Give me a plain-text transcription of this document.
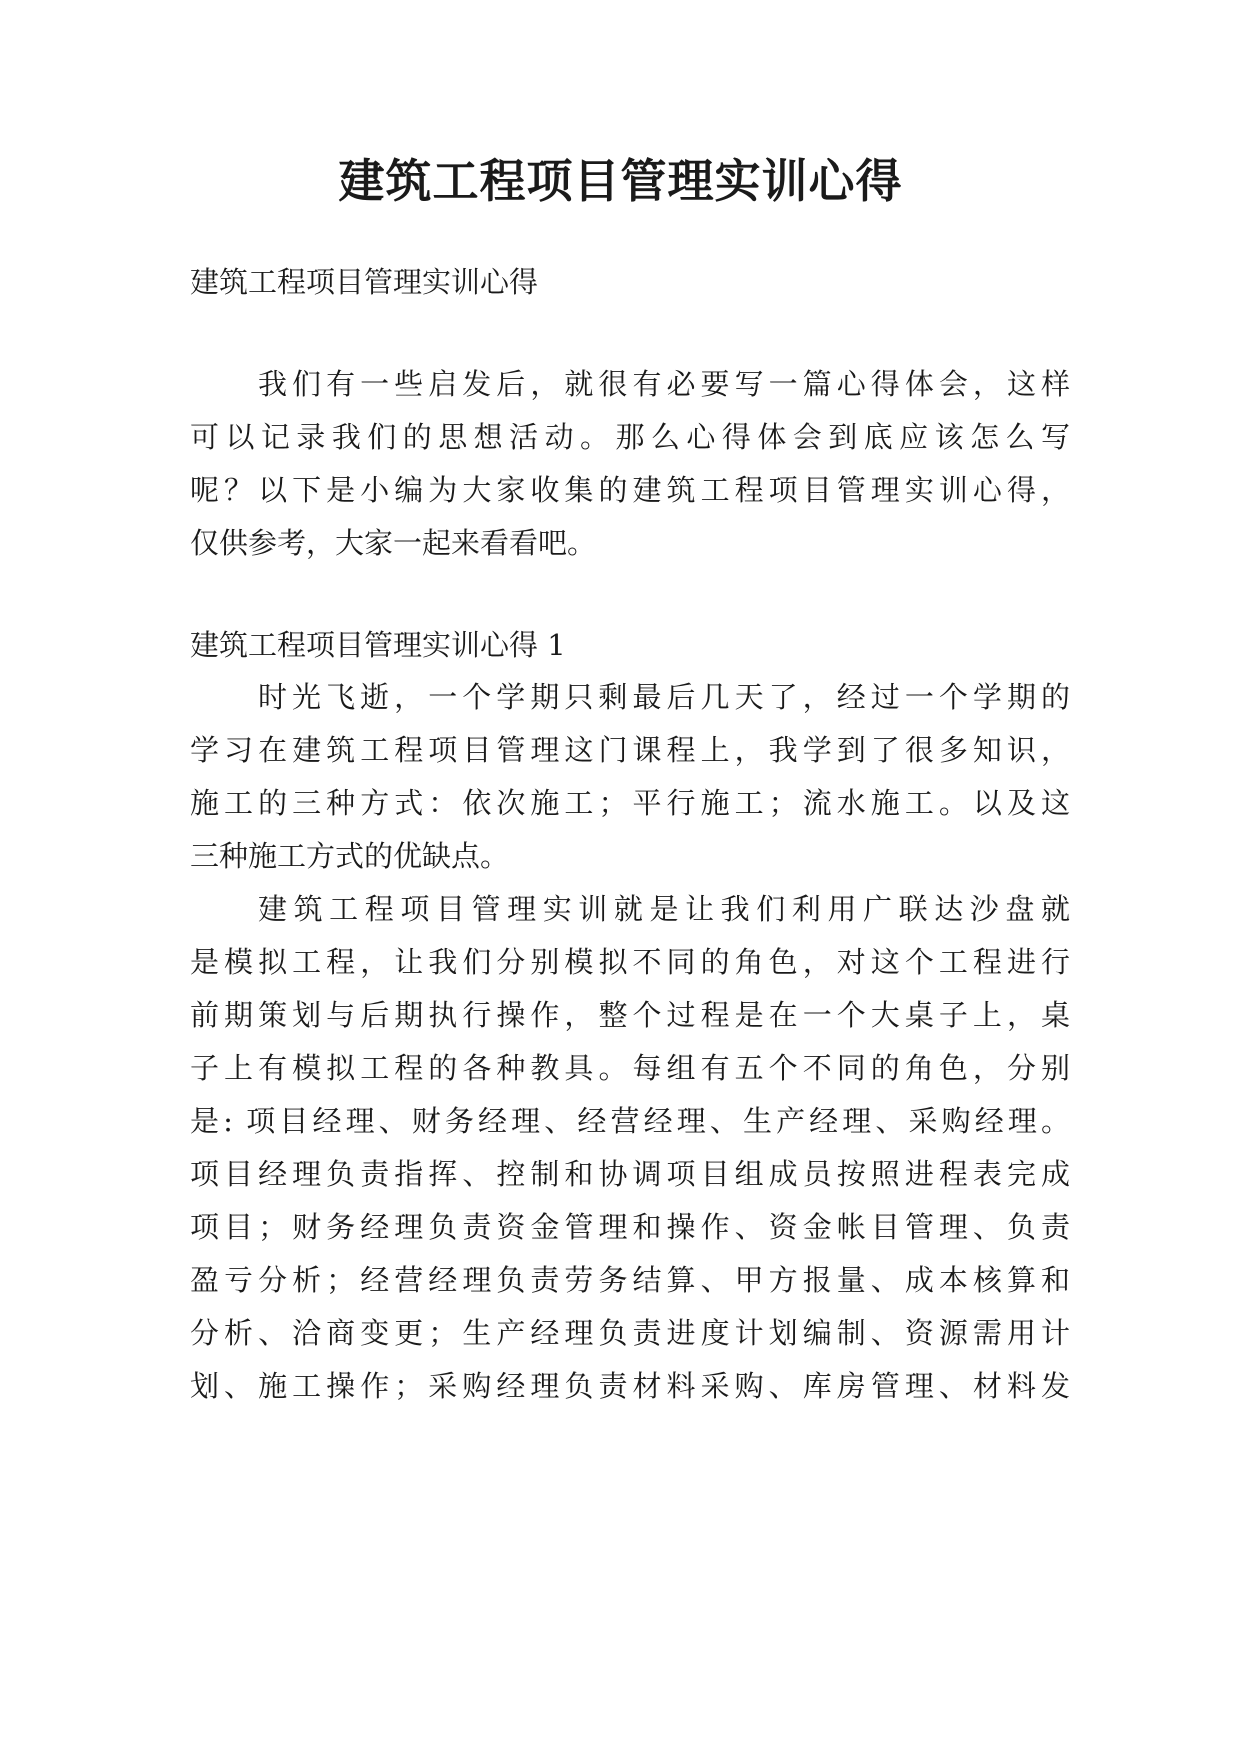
建筑工程项目管理实训心得

建筑工程项目管理实训心得

我们有一些启发后，就很有必要写一篇心得体会，这样

可以记录我们的思想活动。那么心得体会到底应该怎么写

呢？以下是小编为大家收集的建筑工程项目管理实训心得，

仅供参考，大家一起来看看吧。

建筑工程项目管理实训心得 1

时光飞逝，一个学期只剩最后几天了，经过一个学期的

学习在建筑工程项目管理这门课程上，我学到了很多知识，

施工的三种方式：依次施工；平行施工；流水施工。以及这

三种施工方式的优缺点。

建筑工程项目管理实训就是让我们利用广联达沙盘就

是模拟工程，让我们分别模拟不同的角色，对这个工程进行

前期策划与后期执行操作，整个过程是在一个大桌子上，桌

子上有模拟工程的各种教具。每组有五个不同的角色，分别

是: 项目经理、财务经理、经营经理、生产经理、采购经理。

项目经理负责指挥、控制和协调项目组成员按照进程表完成

项目；财务经理负责资金管理和操作、资金帐目管理、负责

盈亏分析；经营经理负责劳务结算、甲方报量、成本核算和

分析、洽商变更；生产经理负责进度计划编制、资源需用计

划、施工操作；采购经理负责材料采购、库房管理、材料发
